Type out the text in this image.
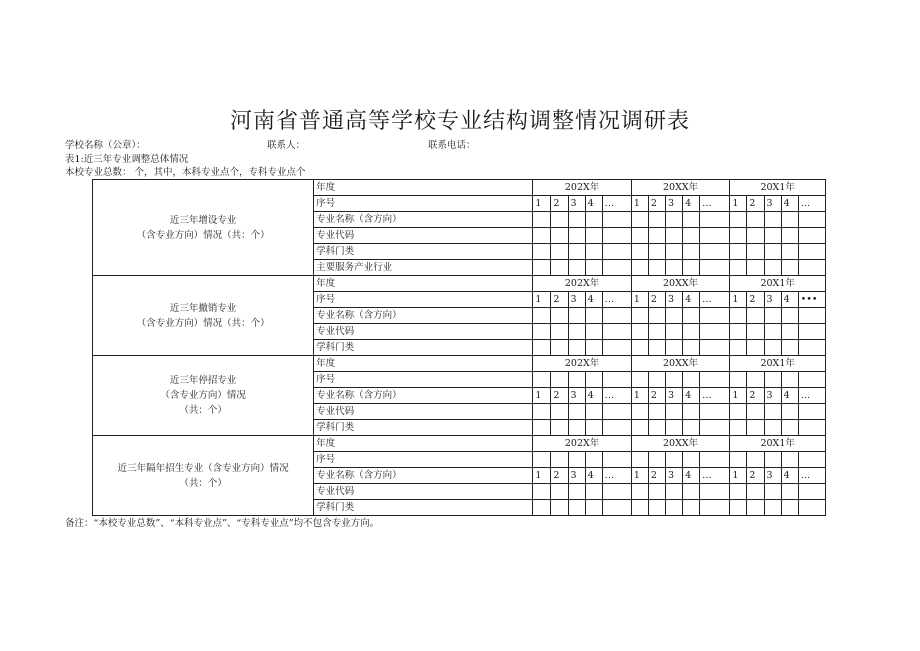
河南省普通高等学校专业结构调整情况调研表
学校名称（公章）：	联系人：	联系电话：
表1:近三年专业调整总体情况
本校专业总数： 个，其中，本科专业点个，专科专业点个
近三年增设专业
（含专业方向）情况（共：个）	年度	202X年					20XX年					20X1年				
	序号	1	2	3	4	…	1	2	3	4	…	1	2	3	4	…
	专业名称（含方向）															
	专业代码															
	学科门类															
	主要服务产业行业															
近三年撤销专业
（含专业方向）情况（共：个）	年度	202X年					20XX年					20X1年				
	序号	1	2	3	4	…	1	2	3	4	…	1	2	3	4	•••
	专业名称（含方向）															
	专业代码															
	学科门类															
近三年停招专业
（含专业方向）情况
（共：个）	年度	202X年					20XX年					20X1年				
	序号															
	专业名称（含方向）	1	2	3	4	…	1	2	3	4	…	1	2	3	4	…
	专业代码															
	学科门类															
近三年隔年招生专业（含专业方向）情况
（共：个）	年度	202X年					20XX年					20X1年				
	序号															
	专业名称（含方向）	1	2	3	4	…	1	2	3	4	…	1	2	3	4	…
	专业代码															
	学科门类															
备注：“本校专业总数”、“本科专业点”、“专科专业点”均不包含专业方向。
